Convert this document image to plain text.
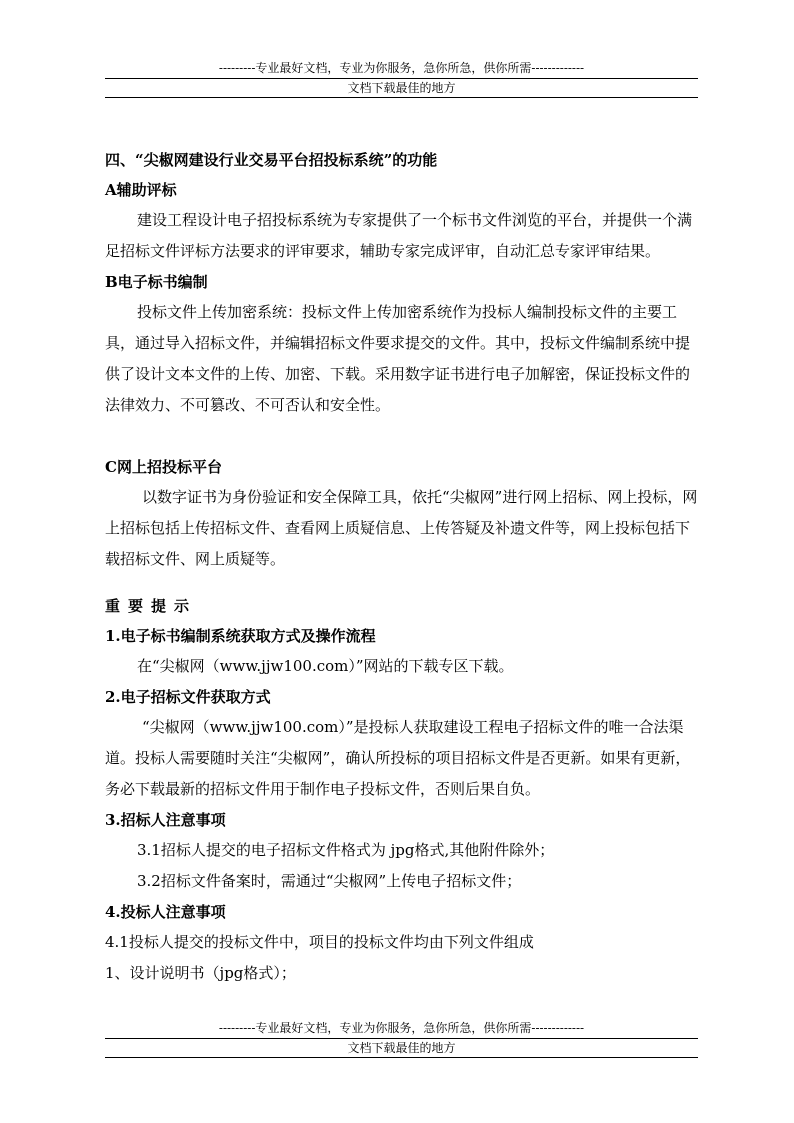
---------专业最好文档，专业为你服务，急你所急，供你所需-------------
文档下载最佳的地方
四、“尖椒网建设行业交易平台招投标系统”的功能
A辅助评标
建设工程设计电子招投标系统为专家提供了一个标书文件浏览的平台，并提供一个满足招标文件评标方法要求的评审要求，辅助专家完成评审，自动汇总专家评审结果。
B电子标书编制
投标文件上传加密系统：投标文件上传加密系统作为投标人编制投标文件的主要工具，通过导入招标文件，并编辑招标文件要求提交的文件。其中，投标文件编制系统中提供了设计文本文件的上传、加密、下载。采用数字证书进行电子加解密，保证投标文件的法律效力、不可篡改、不可否认和安全性。
C网上招投标平台
以数字证书为身份验证和安全保障工具，依托“尖椒网”进行网上招标、网上投标，网上招标包括上传招标文件、查看网上质疑信息、上传答疑及补遗文件等，网上投标包括下载招标文件、网上质疑等。
重要提示
1.电子标书编制系统获取方式及操作流程
在“尖椒网（www.jjw100.com）”网站的下载专区下载。
2.电子招标文件获取方式
“尖椒网（www.jjw100.com）”是投标人获取建设工程电子招标文件的唯一合法渠道。投标人需要随时关注“尖椒网”，确认所投标的项目招标文件是否更新。如果有更新，务必下载最新的招标文件用于制作电子投标文件，否则后果自负。
3.招标人注意事项
3.1招标人提交的电子招标文件格式为 jpg格式,其他附件除外；
3.2招标文件备案时，需通过“尖椒网”上传电子招标文件；
4.投标人注意事项
4.1投标人提交的投标文件中，项目的投标文件均由下列文件组成
1、设计说明书（jpg格式）；
---------专业最好文档，专业为你服务，急你所急，供你所需-------------
文档下载最佳的地方
